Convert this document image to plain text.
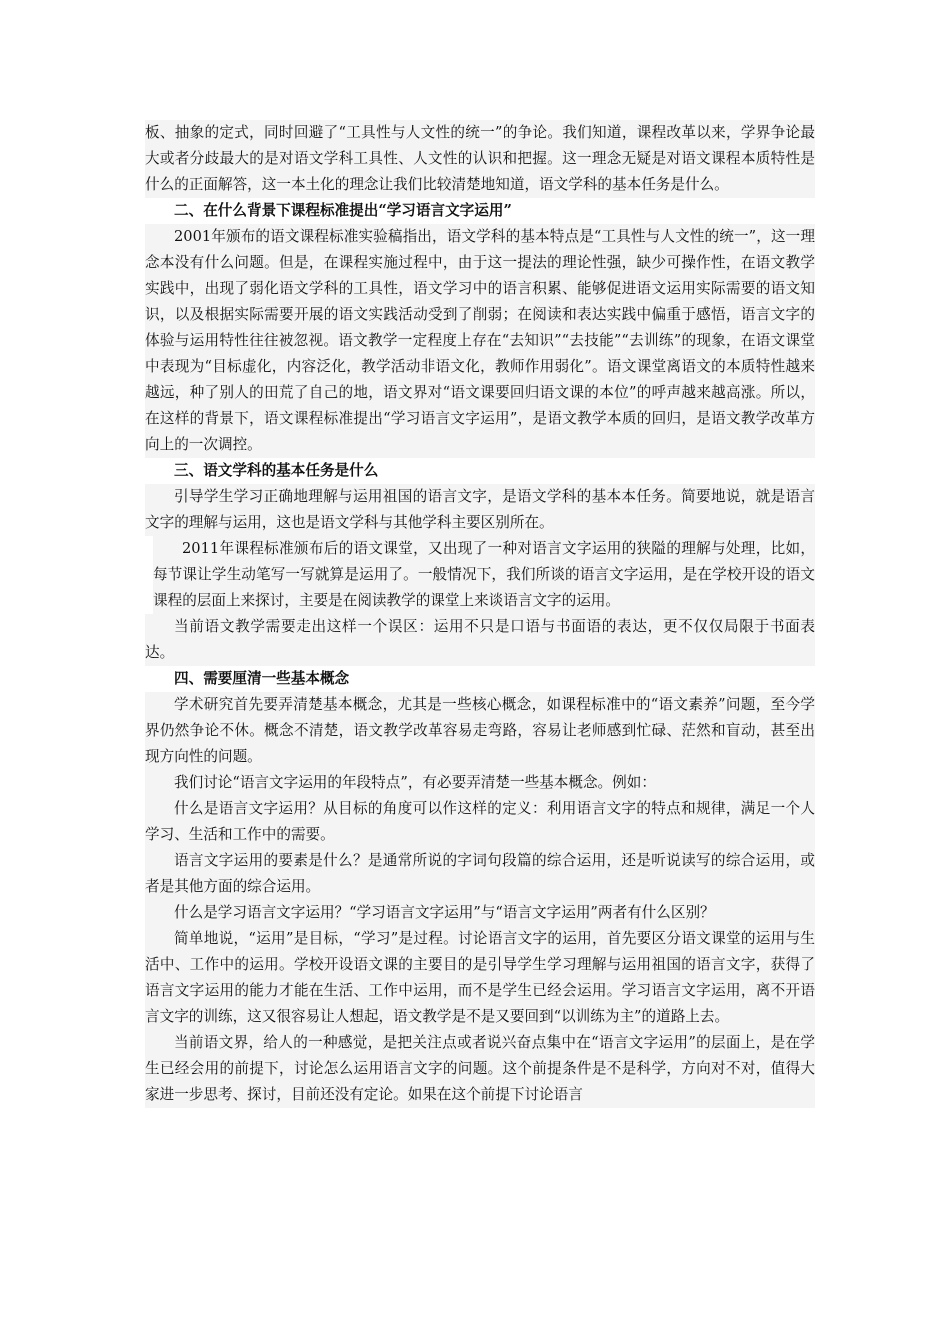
板、抽象的定式，同时回避了“工具性与人文性的统一”的争论。我们知道，课程改革以来，学界争论最大或者分歧最大的是对语文学科工具性、人文性的认识和把握。这一理念无疑是对语文课程本质特性是什么的正面解答，这一本土化的理念让我们比较清楚地知道，语文学科的基本任务是什么。

二、在什么背景下课程标准提出“学习语言文字运用”

2001年颁布的语文课程标准实验稿指出，语文学科的基本特点是“工具性与人文性的统一”，这一理念本没有什么问题。但是，在课程实施过程中，由于这一提法的理论性强，缺少可操作性，在语文教学实践中，出现了弱化语文学科的工具性，语文学习中的语言积累、能够促进语文运用实际需要的语文知识，以及根据实际需要开展的语文实践活动受到了削弱；在阅读和表达实践中偏重于感悟，语言文字的体验与运用特性往往被忽视。语文教学一定程度上存在“去知识”“去技能”“去训练”的现象，在语文课堂中表现为“目标虚化，内容泛化，教学活动非语文化，教师作用弱化”。语文课堂离语文的本质特性越来越远，种了别人的田荒了自己的地，语文界对“语文课要回归语文课的本位”的呼声越来越高涨。所以，在这样的背景下，语文课程标准提出“学习语言文字运用”，是语文教学本质的回归，是语文教学改革方向上的一次调控。

三、语文学科的基本任务是什么

引导学生学习正确地理解与运用祖国的语言文字，是语文学科的基本本任务。简要地说，就是语言文字的理解与运用，这也是语文学科与其他学科主要区别所在。

2011年课程标准颁布后的语文课堂，又出现了一种对语言文字运用的狭隘的理解与处理，比如，每节课让学生动笔写一写就算是运用了。一般情况下，我们所谈的语言文字运用，是在学校开设的语文课程的层面上来探讨，主要是在阅读教学的课堂上来谈语言文字的运用。

当前语文教学需要走出这样一个误区：运用不只是口语与书面语的表达，更不仅仅局限于书面表达。

四、需要厘清一些基本概念

学术研究首先要弄清楚基本概念，尤其是一些核心概念，如课程标准中的“语文素养”问题，至今学界仍然争论不休。概念不清楚，语文教学改革容易走弯路，容易让老师感到忙碌、茫然和盲动，甚至出现方向性的问题。

我们讨论“语言文字运用的年段特点”，有必要弄清楚一些基本概念。例如：

什么是语言文字运用？从目标的角度可以作这样的定义：利用语言文字的特点和规律，满足一个人学习、生活和工作中的需要。

语言文字运用的要素是什么？是通常所说的字词句段篇的综合运用，还是听说读写的综合运用，或者是其他方面的综合运用。

什么是学习语言文字运用？“学习语言文字运用”与“语言文字运用”两者有什么区别？

简单地说，“运用”是目标，“学习”是过程。讨论语言文字的运用，首先要区分语文课堂的运用与生活中、工作中的运用。学校开设语文课的主要目的是引导学生学习理解与运用祖国的语言文字，获得了语言文字运用的能力才能在生活、工作中运用，而不是学生已经会运用。学习语言文字运用，离不开语言文字的训练，这又很容易让人想起，语文教学是不是又要回到“以训练为主”的道路上去。

当前语文界，给人的一种感觉，是把关注点或者说兴奋点集中在“语言文字运用”的层面上，是在学生已经会用的前提下，讨论怎么运用语言文字的问题。这个前提条件是不是科学，方向对不对，值得大家进一步思考、探讨，目前还没有定论。如果在这个前提下讨论语言
